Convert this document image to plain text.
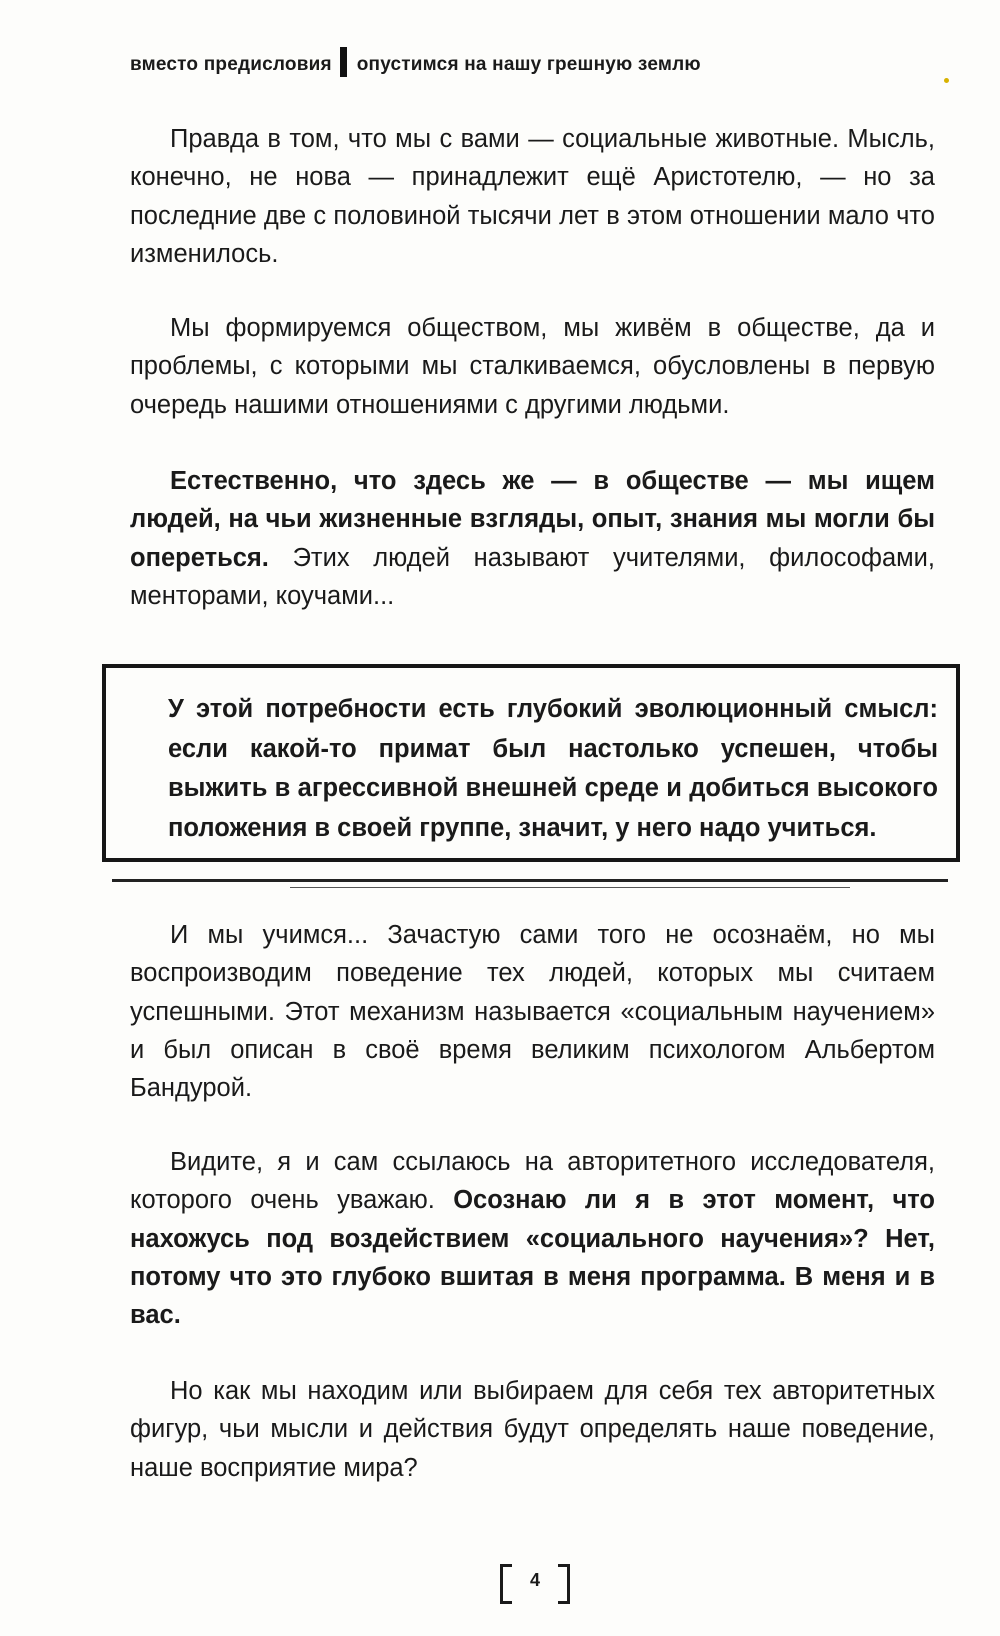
вместо предисловия опустимся на нашу грешную землю
Правда в том, что мы с вами — социальные животные. Мысль, конечно, не нова — принадлежит ещё Аристотелю, — но за последние две с половиной тысячи лет в этом отношении мало что изменилось.
Мы формируемся обществом, мы живём в обществе, да и проблемы, с которыми мы сталкиваемся, обусловлены в первую очередь нашими отношениями с другими людьми.
Естественно, что здесь же — в обществе — мы ищем людей, на чьи жизненные взгляды, опыт, знания мы могли бы опереться. Этих людей называют учителями, философами, менторами, коучами...
У этой потребности есть глубокий эволюционный смысл: если какой-то примат был настолько успешен, чтобы выжить в агрессивной внешней среде и добиться высокого положения в своей группе, значит, у него надо учиться.
И мы учимся... Зачастую сами того не осознаём, но мы воспроизводим поведение тех людей, которых мы считаем успешными. Этот механизм называется «социальным научением» и был описан в своё время великим психологом Альбертом Бандурой.
Видите, я и сам ссылаюсь на авторитетного исследователя, которого очень уважаю. Осознаю ли я в этот момент, что нахожусь под воздействием «социального научения»? Нет, потому что это глубоко вшитая в меня программа. В меня и в вас.
Но как мы находим или выбираем для себя тех авторитетных фигур, чьи мысли и действия будут определять наше поведение, наше восприятие мира?
4
